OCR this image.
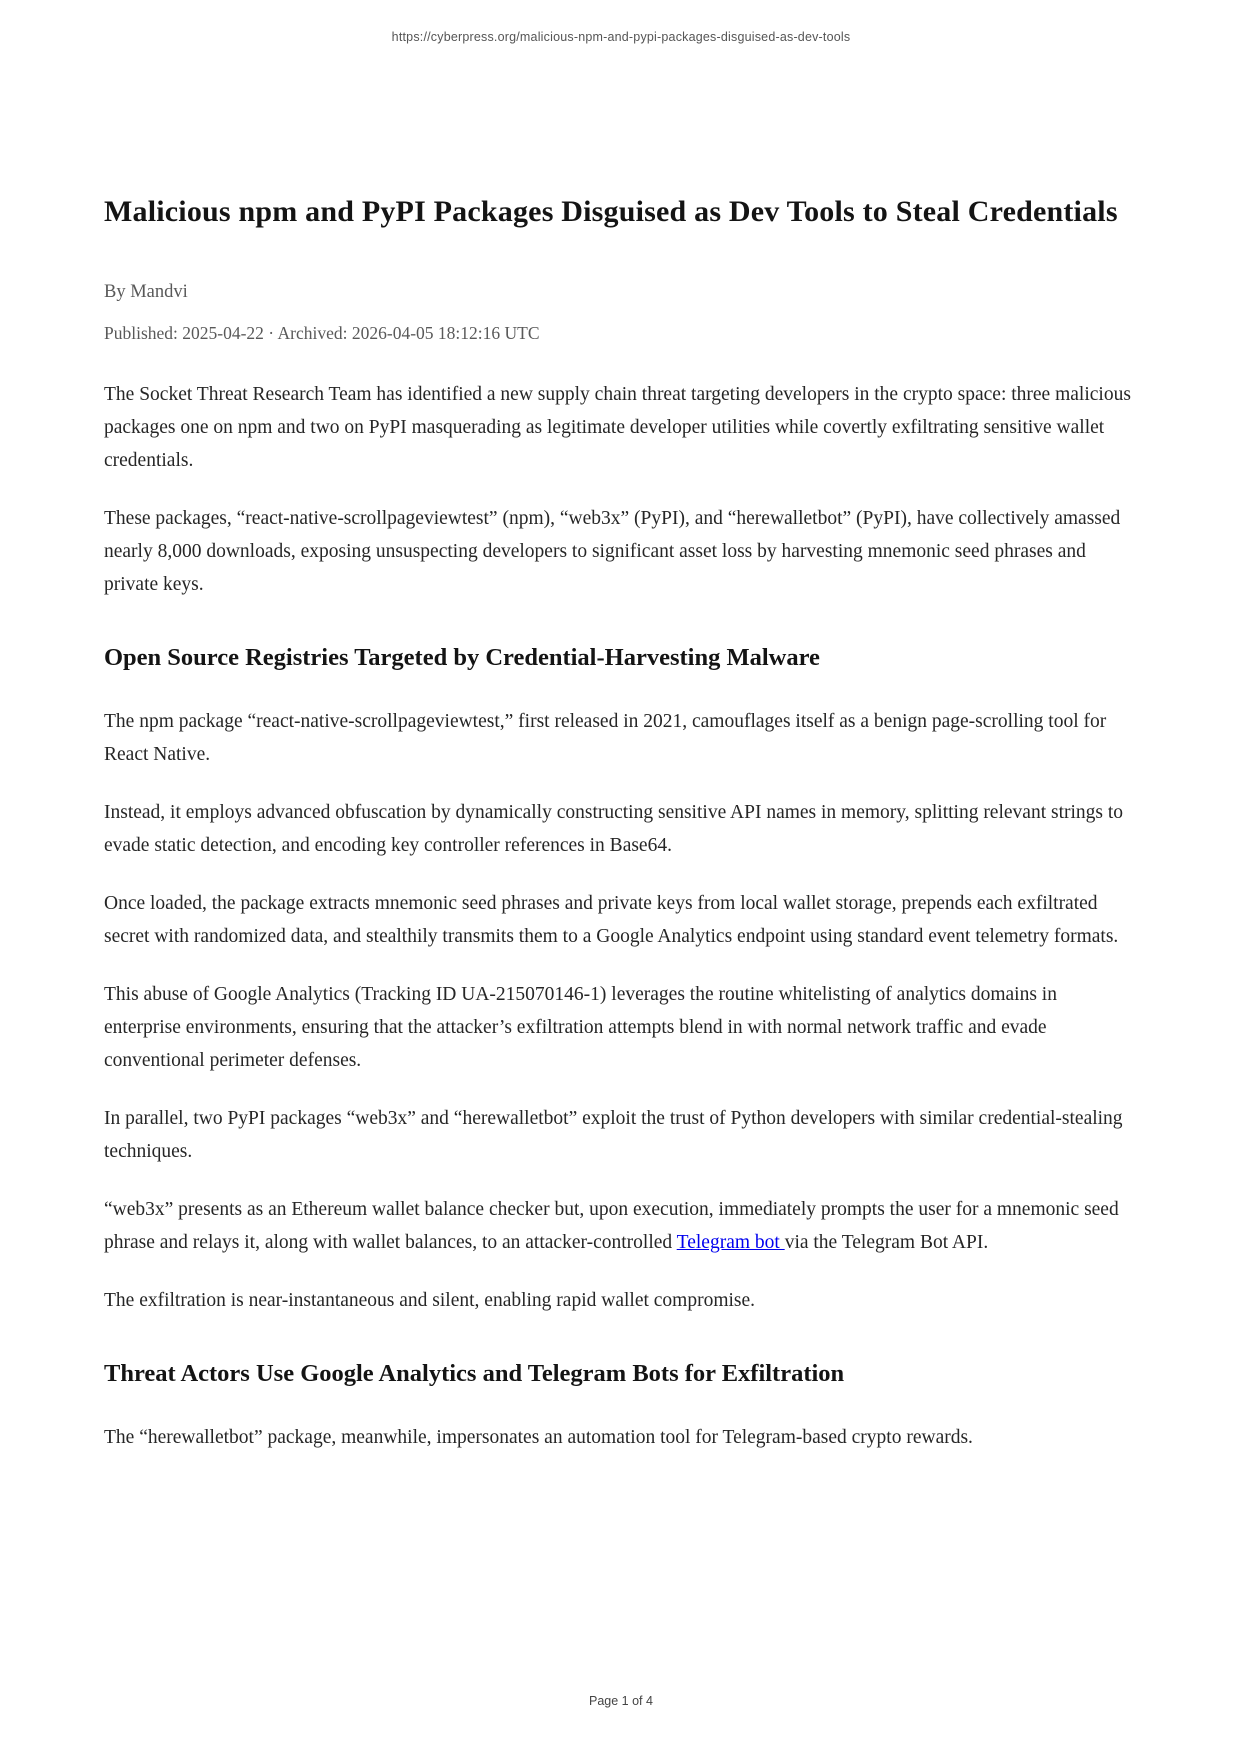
https://cyberpress.org/malicious-npm-and-pypi-packages-disguised-as-dev-tools
Malicious npm and PyPI Packages Disguised as Dev Tools to Steal Credentials
By Mandvi
Published: 2025-04-22 · Archived: 2026-04-05 18:12:16 UTC

The Socket Threat Research Team has identified a new supply chain threat targeting developers in the crypto space: three malicious packages one on npm and two on PyPI masquerading as legitimate developer utilities while covertly exfiltrating sensitive wallet credentials.

These packages, “react-native-scrollpageviewtest” (npm), “web3x” (PyPI), and “herewalletbot” (PyPI), have collectively amassed nearly 8,000 downloads, exposing unsuspecting developers to significant asset loss by harvesting mnemonic seed phrases and private keys.

Open Source Registries Targeted by Credential-Harvesting Malware

The npm package “react-native-scrollpageviewtest,” first released in 2021, camouflages itself as a benign page-scrolling tool for React Native.

Instead, it employs advanced obfuscation by dynamically constructing sensitive API names in memory, splitting relevant strings to evade static detection, and encoding key controller references in Base64.

Once loaded, the package extracts mnemonic seed phrases and private keys from local wallet storage, prepends each exfiltrated secret with randomized data, and stealthily transmits them to a Google Analytics endpoint using standard event telemetry formats.

This abuse of Google Analytics (Tracking ID UA-215070146-1) leverages the routine whitelisting of analytics domains in enterprise environments, ensuring that the attacker’s exfiltration attempts blend in with normal network traffic and evade conventional perimeter defenses.

In parallel, two PyPI packages “web3x” and “herewalletbot” exploit the trust of Python developers with similar credential-stealing techniques.

“web3x” presents as an Ethereum wallet balance checker but, upon execution, immediately prompts the user for a mnemonic seed phrase and relays it, along with wallet balances, to an attacker-controlled Telegram bot via the Telegram Bot API.

The exfiltration is near-instantaneous and silent, enabling rapid wallet compromise.

Threat Actors Use Google Analytics and Telegram Bots for Exfiltration

The “herewalletbot” package, meanwhile, impersonates an automation tool for Telegram-based crypto rewards.

Page 1 of 4
